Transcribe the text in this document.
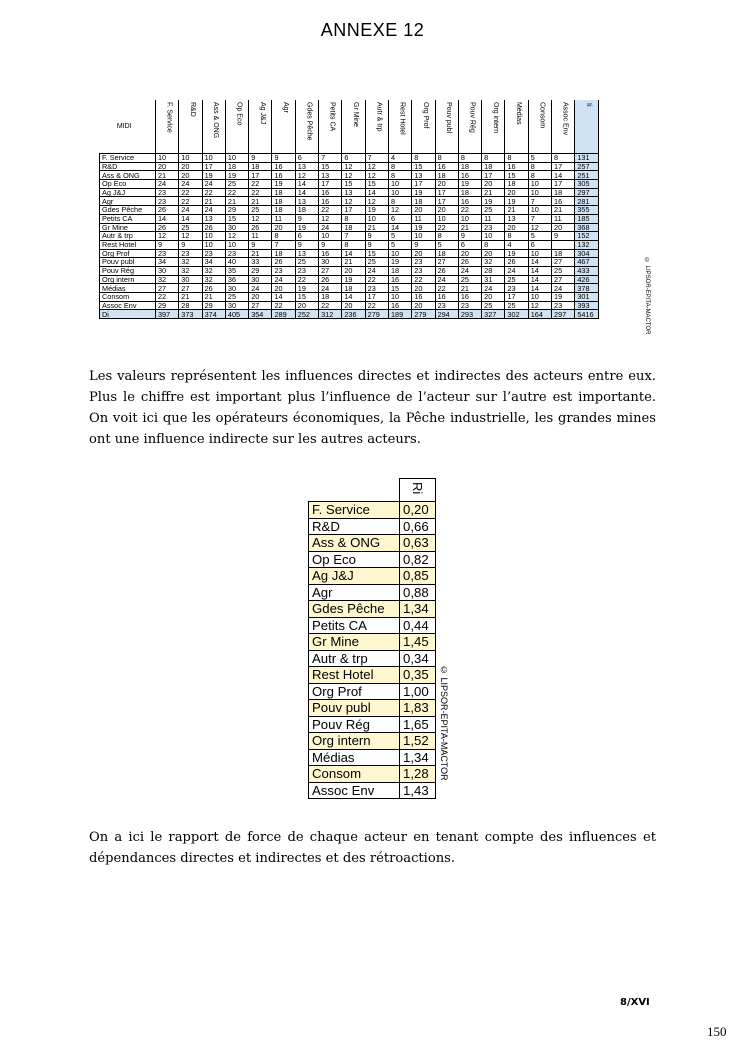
ANNEXE 12
MIDI	F. Service	R&D	Ass & ONG	Op Eco	Ag J&J	Agr	Gdes Pêche	Petits CA	Gr Mine	Autr & trp	Rest Hotel	Org Prof	Pouv publ	Pouv Rég	Org intern	Médias	Consom	Assoc Env	Ii
F. Service	10	10	10	10	9	9	6	7	6	7	4	8	8	8	8	8	5	8	131
R&D	20	20	17	18	18	16	13	15	12	12	8	15	16	18	18	16	8	17	257
Ass & ONG	21	20	19	19	17	16	12	13	12	12	8	13	18	16	17	15	8	14	251
Op Eco	24	24	24	25	22	19	14	17	15	15	10	17	20	19	20	18	10	17	305
Ag J&J	23	22	22	22	22	18	14	16	13	14	10	19	17	18	21	20	10	18	297
Agr	23	22	21	21	21	18	13	16	12	12	8	18	17	16	19	19	7	16	281
Gdes Pêche	26	24	24	29	25	18	18	22	17	19	12	20	20	22	25	21	10	21	355
Petits CA	14	14	13	15	12	11	9	12	8	10	6	11	10	10	11	13	7	11	185
Gr Mine	26	25	26	30	26	20	19	24	18	21	14	19	22	21	23	20	12	20	368
Autr & trp	12	12	10	12	11	8	6	10	7	9	5	10	8	9	10	8	5	9	152
Rest Hotel	9	9	10	10	9	7	9	9	8	9	5	9	5	6	8	4	6		132
Org Prof	23	23	23	23	21	18	13	16	14	15	10	20	18	20	20	19	10	18	304
Pouv publ	34	32	34	40	33	26	25	30	21	25	19	23	27	26	32	26	14	27	467
Pouv Rég	30	32	32	35	29	23	23	27	20	24	18	23	26	24	28	24	14	25	433
Org intern	32	30	32	36	30	24	22	26	19	22	16	22	24	25	31	25	14	27	426
Médias	27	27	26	30	24	20	19	24	18	23	15	20	22	21	24	23	14	24	378
Consom	22	21	21	25	20	14	15	18	14	17	10	16	16	16	20	17	10	19	301
Assoc Env	29	28	29	30	27	22	20	22	20	22	16	20	23	23	25	25	12	23	393
Di	397	373	374	405	354	289	252	312	236	279	189	279	294	293	327	302	164	297	5416	© LIPSOR-EPITA-MACTOR

Les valeurs représentent les influences directes et indirectes des acteurs entre eux. Plus le chiffre est important plus l’influence de l’acteur sur l’autre est importante. On voit ici que les opérateurs économiques, la Pêche industrielle, les grandes mines ont une influence indirecte sur les autres acteurs.

	Ri
F. Service	0,20
R&D	0,66
Ass & ONG	0,63
Op Eco	0,82
Ag J&J	0,85
Agr	0,88
Gdes Pêche	1,34
Petits CA	0,44
Gr Mine	1,45
Autr & trp	0,34
Rest Hotel	0,35
Org Prof	1,00
Pouv publ	1,83
Pouv Rég	1,65
Org intern	1,52
Médias	1,34
Consom	1,28
Assoc Env	1,43
© LIPSOR-EPITA-MACTOR

On a ici le rapport de force de chaque acteur en tenant compte des influences et dépendances directes et indirectes et des rétroactions.

8/XVI
150
